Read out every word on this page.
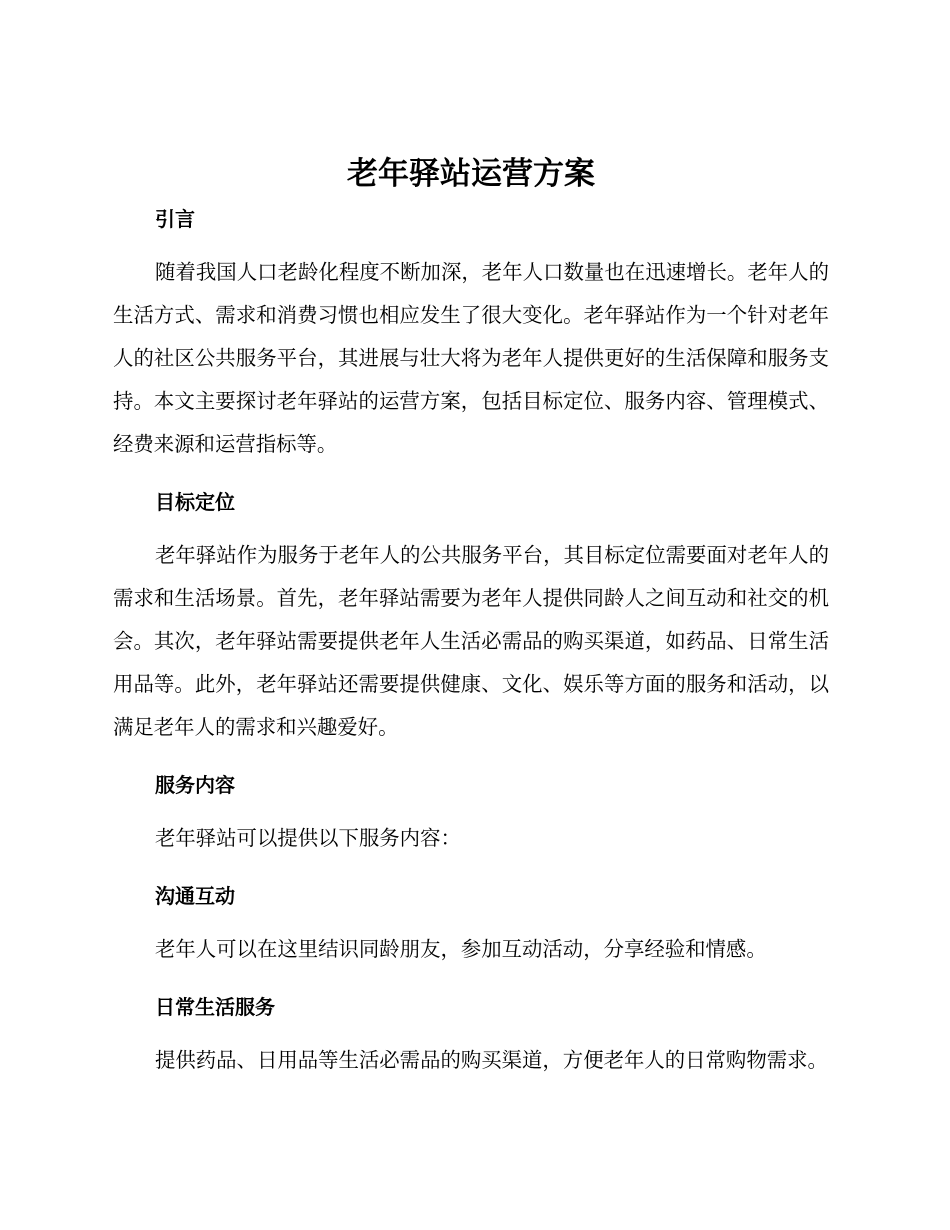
老年驿站运营方案
引言

随着我国人口老龄化程度不断加深，老年人口数量也在迅速增长。老年人的生活方式、需求和消费习惯也相应发生了很大变化。老年驿站作为一个针对老年人的社区公共服务平台，其进展与壮大将为老年人提供更好的生活保障和服务支持。本文主要探讨老年驿站的运营方案，包括目标定位、服务内容、管理模式、经费来源和运营指标等。

目标定位

老年驿站作为服务于老年人的公共服务平台，其目标定位需要面对老年人的需求和生活场景。首先，老年驿站需要为老年人提供同龄人之间互动和社交的机会。其次，老年驿站需要提供老年人生活必需品的购买渠道，如药品、日常生活用品等。此外，老年驿站还需要提供健康、文化、娱乐等方面的服务和活动，以满足老年人的需求和兴趣爱好。

服务内容

老年驿站可以提供以下服务内容：

沟通互动

老年人可以在这里结识同龄朋友，参加互动活动，分享经验和情感。

日常生活服务

提供药品、日用品等生活必需品的购买渠道，方便老年人的日常购物需求。
